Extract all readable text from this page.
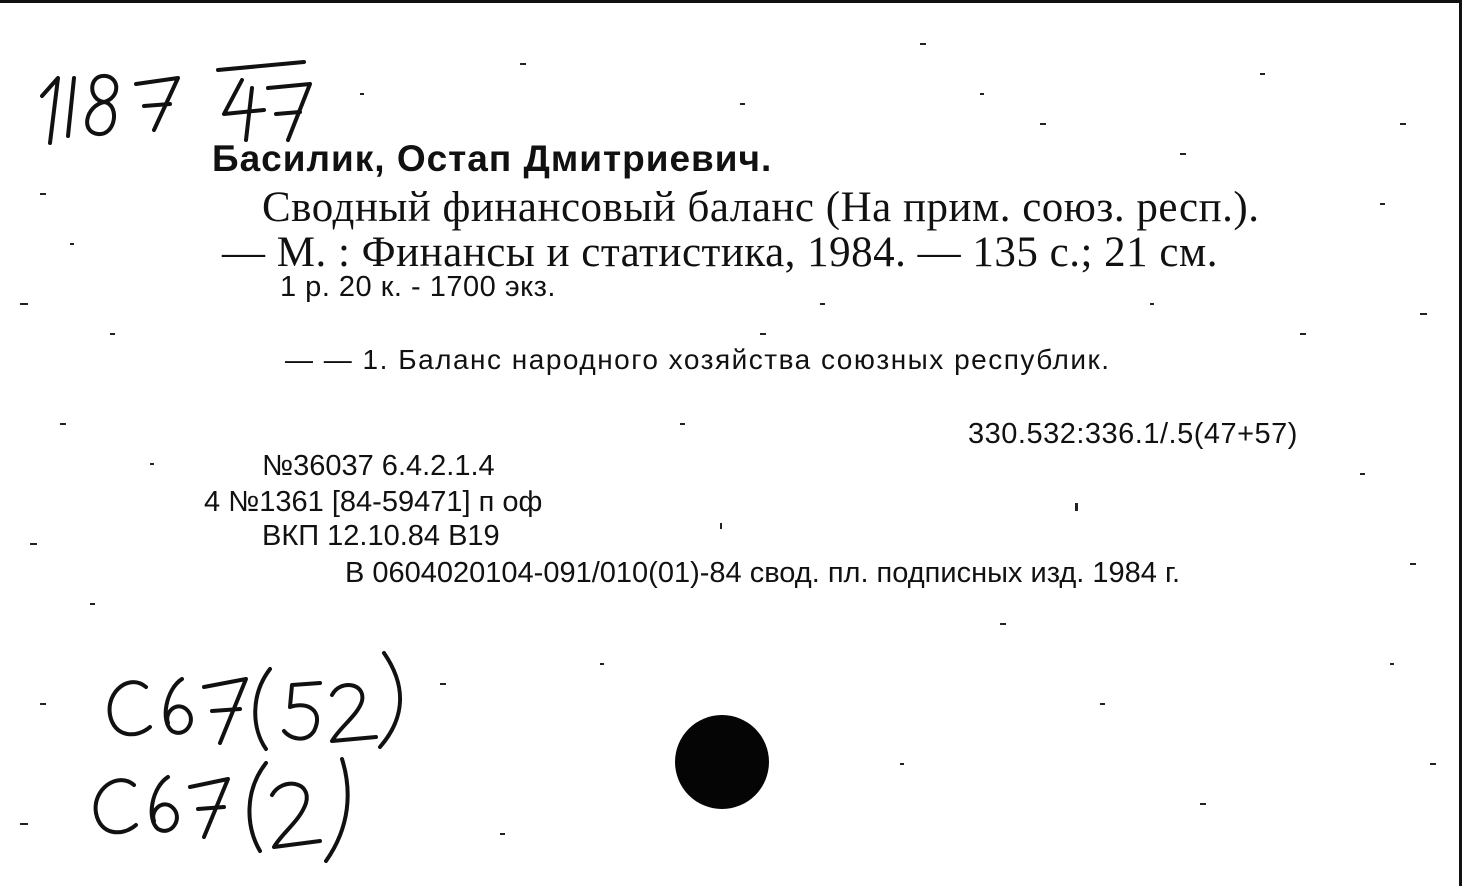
Басилик, Остап Дмитриевич.
Сводный финансовый баланс (На прим. союз. респ.).
— М. : Финансы и статистика, 1984. — 135 с.; 21 см.
1 р. 20 к. - 1700 экз.
— — 1. Баланс народного хозяйства союзных республик.
330.532:336.1/.5(47+57)
№36037 6.4.2.1.4
4 №1361 [84-59471] п оф
ВКП 12.10.84 В19
В 0604020104-091/010(01)-84 свод. пл. подписных изд. 1984 г.
